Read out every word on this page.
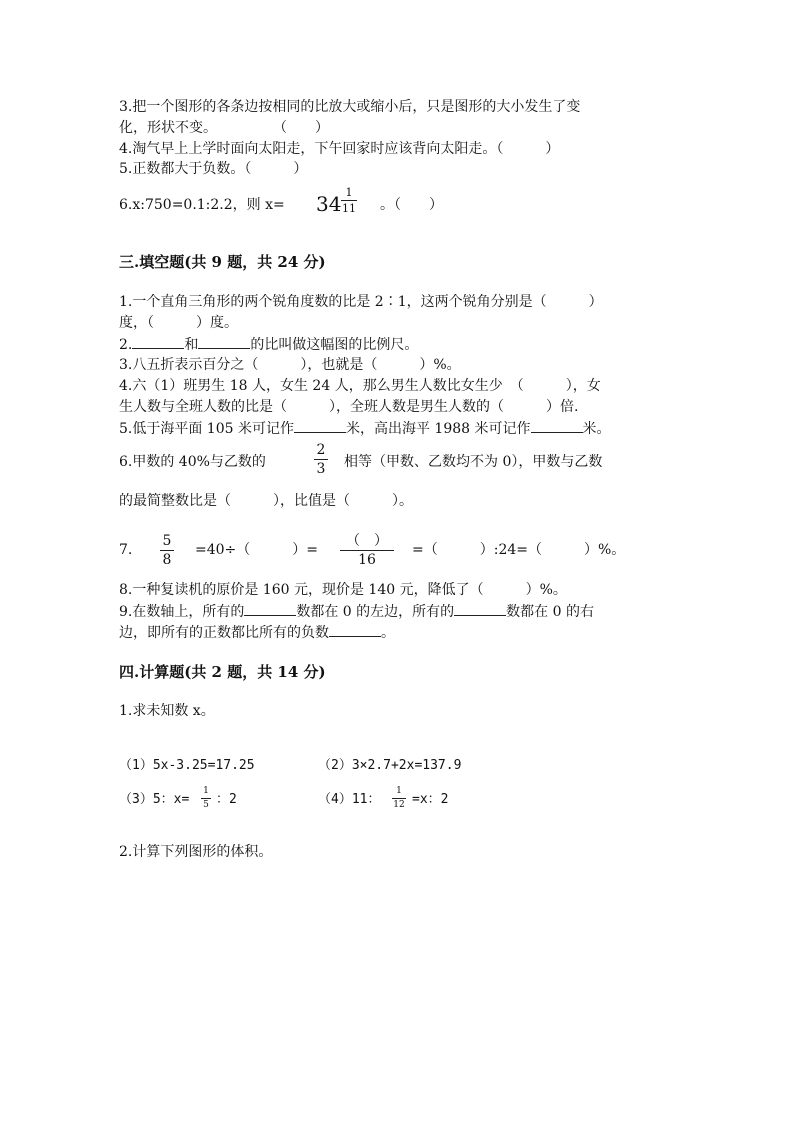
3.把一个图形的各条边按相同的比放大或缩小后，只是图形的大小发生了变
化，形状不变。　　　　　（　　）
4.淘气早上上学时面向太阳走，下午回家时应该背向太阳走。（　　　）
5.正数都大于负数。（　　　）
6.x:750=0.1:2.2，则 x= 34 1
11 。（　　）
三.填空题(共 9 题，共 24 分)
1.一个直角三角形的两个锐角度数的比是 2∶1，这两个锐角分别是（　　　）
度，（　　　）度。
2.	和	的比叫做这幅图的比例尺。
3.八五折表示百分之（　　　），也就是（　　　）%。
4.六（1）班男生 18 人，女生 24 人，那么男生人数比女生少　（　　　），女
生人数与全班人数的比是（　　　），全班人数是男生人数的（　　　）倍.
5.低于海平面 105 米可记作	米，高出海平 1988 米可记作	米。
6.甲数的 40%与乙数的
2
3 相等（甲数、乙数均不为 0），甲数与乙数
的最简整数比是（　　　），比值是（　　　）。
7.
5
8
=40÷（　　　）=
（　）
16
=（　　　）:24=（　　　）%。
8.一种复读机的原价是 160 元，现价是 140 元，降低了（　　　）%。
9.在数轴上，所有的	数都在 0 的左边，所有的	数都在 0 的右
边，即所有的正数都比所有的负数	。
四.计算题(共 2 题，共 14 分)
1.求未知数 x。
（1）5x-3.25=17.25	（2）3×2.7+2x=137.9
（3）5：x=
1
5 ：2	（4）11：
1
12 =x：2
2.计算下列图形的体积。
